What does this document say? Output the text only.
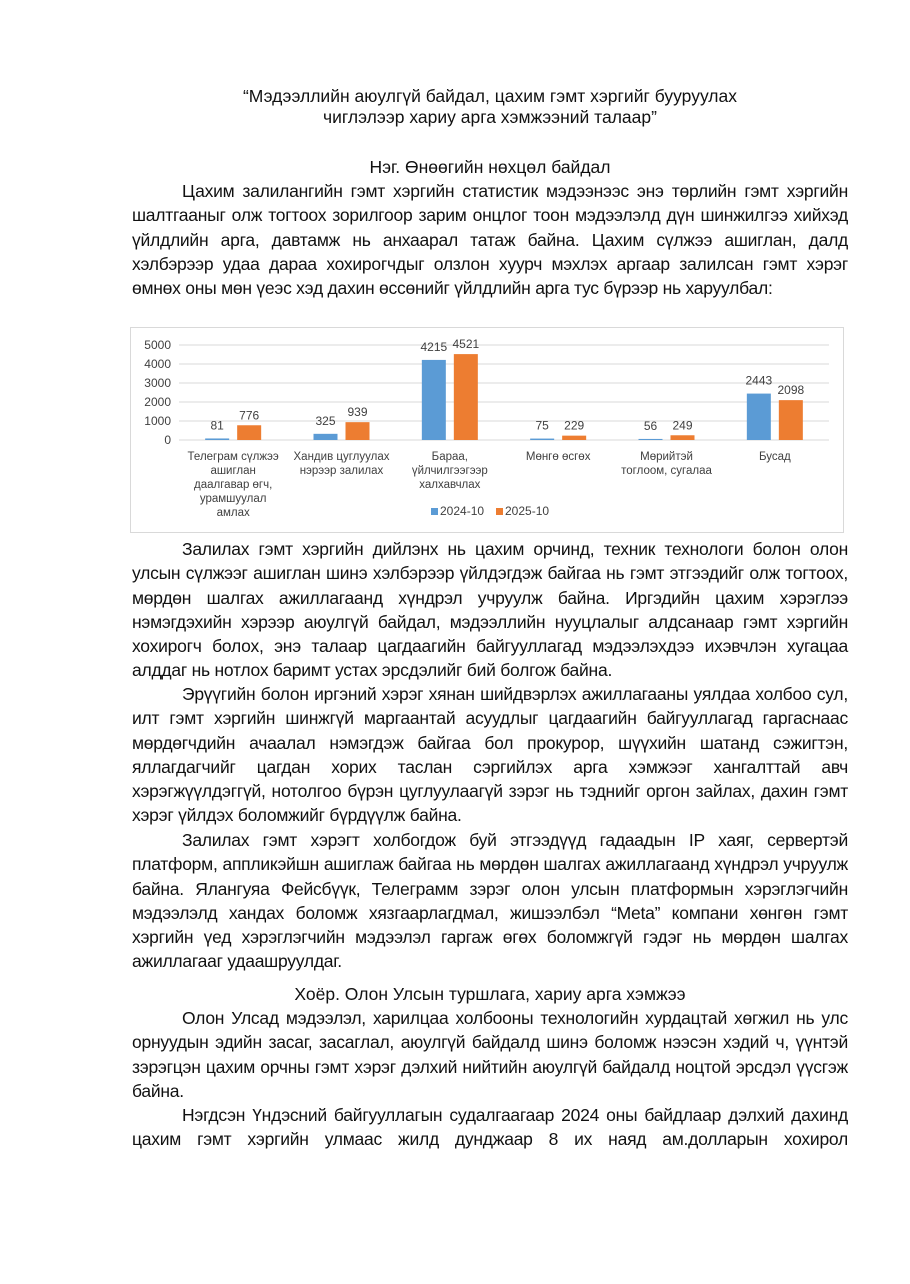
“Мэдээллийн аюулгүй байдал, цахим гэмт хэргийг бууруулах
чиглэлээр хариу арга хэмжээний талаар”
Нэг. Өнөөгийн нөхцөл байдал
Цахим залилангийн гэмт хэргийн статистик мэдээнээс энэ төрлийн гэмт хэргийн шалтгааныг олж тогтоох зорилгоор зарим онцлог тоон мэдээлэлд дүн шинжилгээ хийхэд үйлдлийн арга, давтамж нь анхаарал татаж байна. Цахим сүлжээ ашиглан, далд хэлбэрээр удаа дараа хохирогчдыг олзлон хуурч мэхлэх аргаар залилсан гэмт хэрэг өмнөх оны мөн үеэс хэд дахин өссөнийг үйлдлийн арга тус бүрээр нь харуулбал:
0
1000
2000
3000
4000
5000
81
776	325
939
4215 4521
75 229	56 249
2443
2098
Телеграм сүлжээ
ашиглан
даалгавар өгч,
урамшуулал
амлах
Хандив цуглуулах
нэрээр залилах
Бараа,
үйлчилгээгээр
халхавчлах
Мөнгө өсгөх	Мөрийтэй
тоглоом, сугалаа
Бусад
2024-10 2025-10
Залилах гэмт хэргийн дийлэнх нь цахим орчинд, техник технологи болон олон улсын сүлжээг ашиглан шинэ хэлбэрээр үйлдэгдэж байгаа нь гэмт этгээдийг олж тогтоох, мөрдөн шалгах ажиллагаанд хүндрэл учруулж байна. Иргэдийн цахим хэрэглээ нэмэгдэхийн хэрээр аюулгүй байдал, мэдээллийн нууцлалыг алдсанаар гэмт хэргийн хохирогч болох, энэ талаар цагдаагийн байгууллагад мэдээлэхдээ ихэвчлэн хугацаа алддаг нь нотлох баримт устах эрсдэлийг бий болгож байна.
Эрүүгийн болон иргэний хэрэг хянан шийдвэрлэх ажиллагааны уялдаа холбоо сул, илт гэмт хэргийн шинжгүй маргаантай асуудлыг цагдаагийн байгууллагад гаргаснаас мөрдөгчдийн ачаалал нэмэгдэж байгаа бол прокурор, шүүхийн шатанд сэжигтэн, яллагдагчийг цагдан хорих таслан сэргийлэх арга хэмжээг хангалттай авч хэрэгжүүлдэггүй, нотолгоо бүрэн цуглуулаагүй зэрэг нь тэднийг оргон зайлах, дахин гэмт хэрэг үйлдэх боломжийг бүрдүүлж байна.
Залилах гэмт хэрэгт холбогдож буй этгээдүүд гадаадын IP хаяг, сервертэй платформ, аппликэйшн ашиглаж байгаа нь мөрдөн шалгах ажиллагаанд хүндрэл учруулж байна. Ялангуяа Фейсбүүк, Телеграмм зэрэг олон улсын платформын хэрэглэгчийн мэдээлэлд хандах боломж хязгаарлагдмал, жишээлбэл “Meta” компани хөнгөн гэмт хэргийн үед хэрэглэгчийн мэдээлэл гаргаж өгөх боломжгүй гэдэг нь мөрдөн шалгах ажиллагааг удаашруулдаг.
Хоёр. Олон Улсын туршлага, хариу арга хэмжээ
Олон Улсад мэдээлэл, харилцаа холбооны технологийн хурдацтай хөгжил нь улс орнуудын эдийн засаг, засаглал, аюулгүй байдалд шинэ боломж нээсэн хэдий ч, үүнтэй зэрэгцэн цахим орчны гэмт хэрэг дэлхий нийтийн аюулгүй байдалд ноцтой эрсдэл үүсгэж байна.
Нэгдсэн Үндэсний байгууллагын судалгаагаар 2024 оны байдлаар дэлхий дахинд цахим гэмт хэргийн улмаас жилд дунджаар 8 их наяд ам.долларын хохирол
